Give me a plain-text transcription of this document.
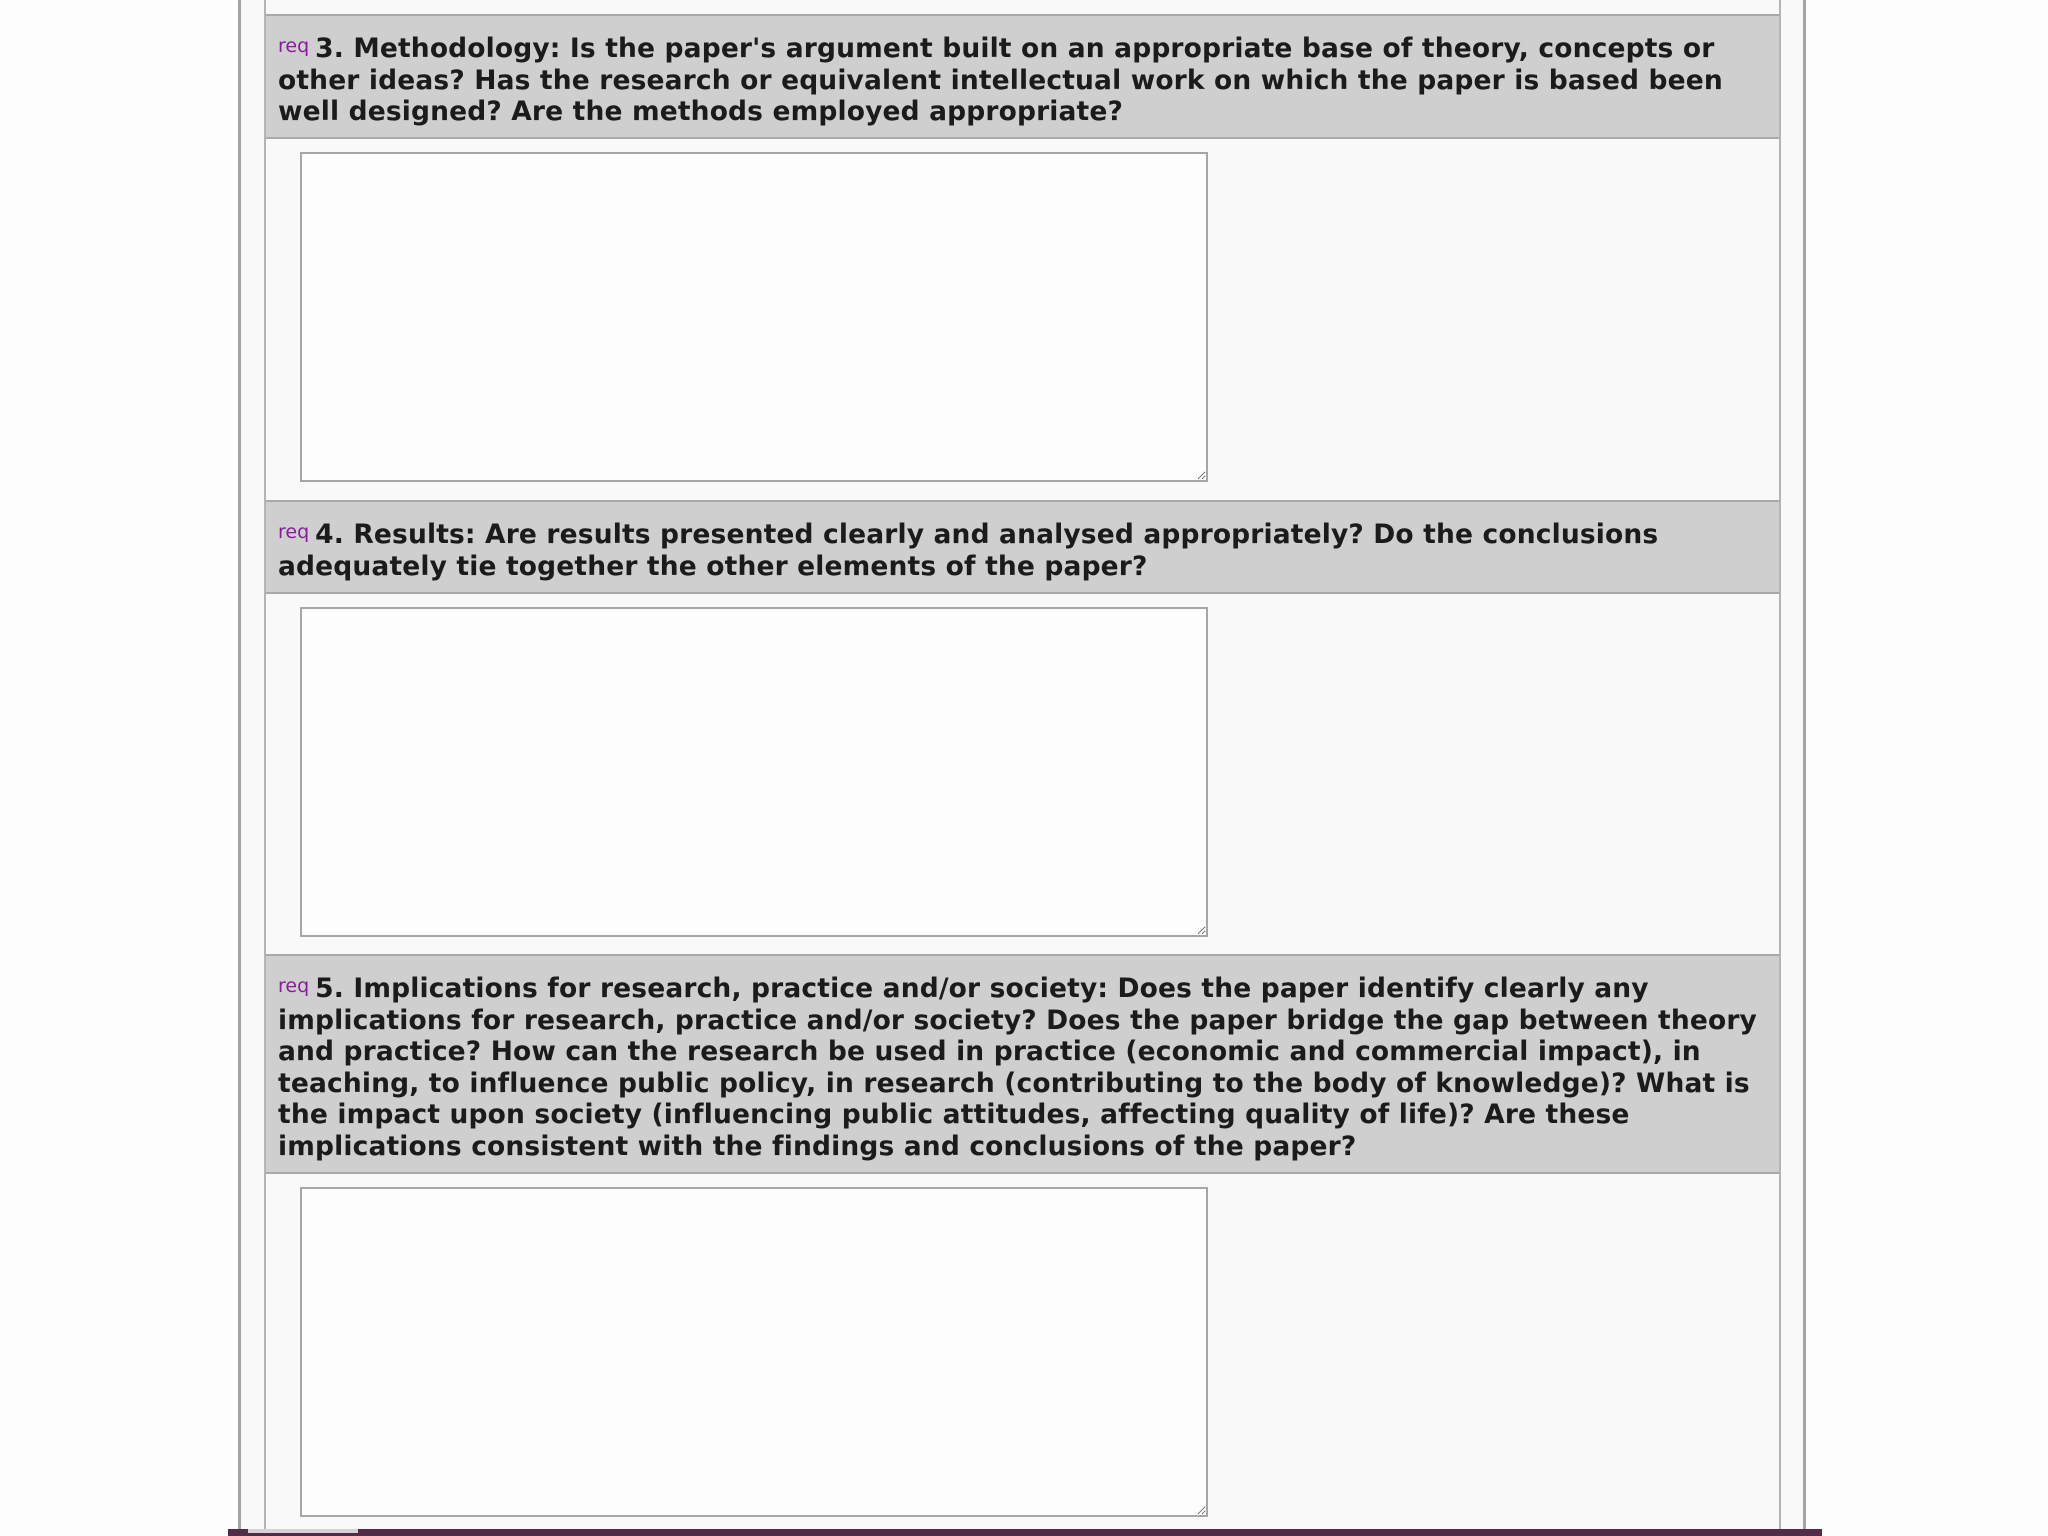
req 3. Methodology: Is the paper's argument built on an appropriate base of theory, concepts or other ideas? Has the research or equivalent intellectual work on which the paper is based been well designed? Are the methods employed appropriate?

req 4. Results: Are results presented clearly and analysed appropriately? Do the conclusions adequately tie together the other elements of the paper?

req 5. Implications for research, practice and/or society: Does the paper identify clearly any implications for research, practice and/or society? Does the paper bridge the gap between theory and practice? How can the research be used in practice (economic and commercial impact), in teaching, to influence public policy, in research (contributing to the body of knowledge)? What is the impact upon society (influencing public attitudes, affecting quality of life)? Are these implications consistent with the findings and conclusions of the paper?
